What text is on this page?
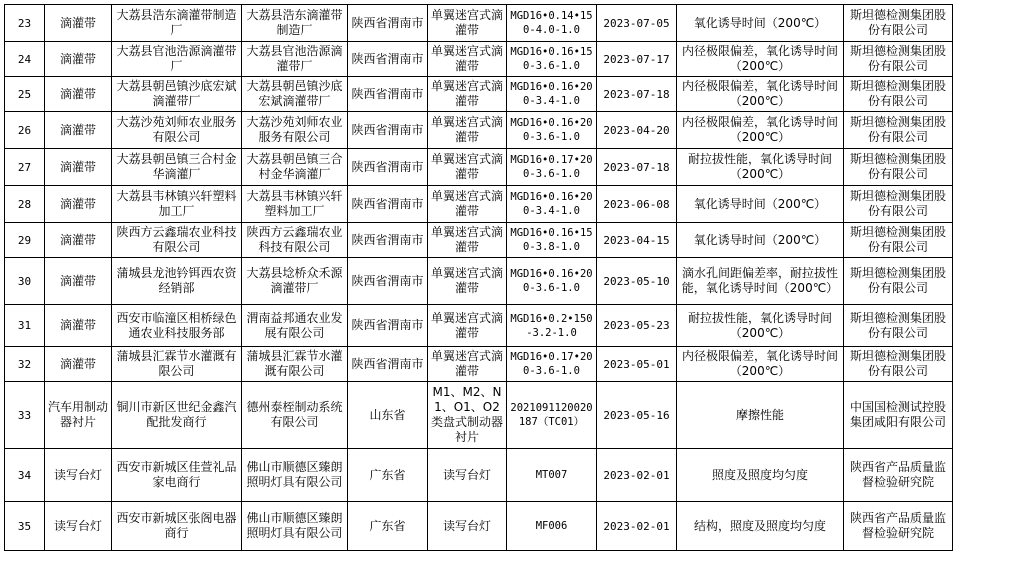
23	滴灌带	大荔县浩东滴灌带制造厂	大荔县浩东滴灌带制造厂	陕西省渭南市	单翼迷宫式滴灌带	MGD16•0.14•150-4.0-1.0	2023-07-05	氧化诱导时间（200℃）	斯坦德检测集团股份有限公司
24	滴灌带	大荔县官池浩源滴灌带厂	大荔县官池浩源滴灌带厂	陕西省渭南市	单翼迷宫式滴灌带	MGD16•0.16•150-3.6-1.0	2023-07-17	内径极限偏差，氧化诱导时间（200℃）	斯坦德检测集团股份有限公司
25	滴灌带	大荔县朝邑镇沙底宏斌滴灌带厂	大荔县朝邑镇沙底宏斌滴灌带厂	陕西省渭南市	单翼迷宫式滴灌带	MGD16•0.16•200-3.4-1.0	2023-07-18	内径极限偏差，氧化诱导时间（200℃）	斯坦德检测集团股份有限公司
26	滴灌带	大荔沙苑刘师农业服务有限公司	大荔沙苑刘师农业服务有限公司	陕西省渭南市	单翼迷宫式滴灌带	MGD16•0.16•200-3.6-1.0	2023-04-20	内径极限偏差，氧化诱导时间（200℃）	斯坦德检测集团股份有限公司
27	滴灌带	大荔县朝邑镇三合村金华滴灌厂	大荔县朝邑镇三合村金华滴灌厂	陕西省渭南市	单翼迷宫式滴灌带	MGD16•0.17•200-3.6-1.0	2023-07-18	耐拉拔性能，氧化诱导时间（200℃）	斯坦德检测集团股份有限公司
28	滴灌带	大荔县韦林镇兴轩塑料加工厂	大荔县韦林镇兴轩塑料加工厂	陕西省渭南市	单翼迷宫式滴灌带	MGD16•0.16•200-3.4-1.0	2023-06-08	氧化诱导时间（200℃）	斯坦德检测集团股份有限公司
29	滴灌带	陕西方云鑫瑞农业科技有限公司	陕西方云鑫瑞农业科技有限公司	陕西省渭南市	单翼迷宫式滴灌带	MGD16•0.16•150-3.8-1.0	2023-04-15	氧化诱导时间（200℃）	斯坦德检测集团股份有限公司
30	滴灌带	蒲城县龙池钤铒西农资经销部	大荔县埝桥众禾源滴灌带厂	陕西省渭南市	单翼迷宫式滴灌带	MGD16•0.16•200-3.6-1.0	2023-05-10	滴水孔间距偏差率，耐拉拔性能，氧化诱导时间（200℃）	斯坦德检测集团股份有限公司
31	滴灌带	西安市临潼区相桥绿色通农业科技服务部	渭南益邦通农业发展有限公司	陕西省渭南市	单翼迷宫式滴灌带	MGD16•0.2•150-3.2-1.0	2023-05-23	耐拉拔性能，氧化诱导时间（200℃）	斯坦德检测集团股份有限公司
32	滴灌带	蒲城县汇霖节水灌溉有限公司	蒲城县汇霖节水灌溉有限公司	陕西省渭南市	单翼迷宫式滴灌带	MGD16•0.17•200-3.6-1.0	2023-05-01	内径极限偏差，氧化诱导时间（200℃）	斯坦德检测集团股份有限公司
33	汽车用制动器衬片	铜川市新区世纪金鑫汽配批发商行	德州泰桎制动系统有限公司	山东省	M1、M2、N1、O1、O2类盘式制动器衬片	2021091120020187（TC01）	2023-05-16	摩擦性能	中国国检测试控股集团咸阳有限公司
34	读写台灯	西安市新城区佳萱礼品家电商行	佛山市顺德区臻朗照明灯具有限公司	广东省	读写台灯	MT007	2023-02-01	照度及照度均匀度	陕西省产品质量监督检验研究院
35	读写台灯	西安市新城区张阁电器商行	佛山市顺德区臻朗照明灯具有限公司	广东省	读写台灯	MF006	2023-02-01	结构，照度及照度均匀度	陕西省产品质量监督检验研究院
